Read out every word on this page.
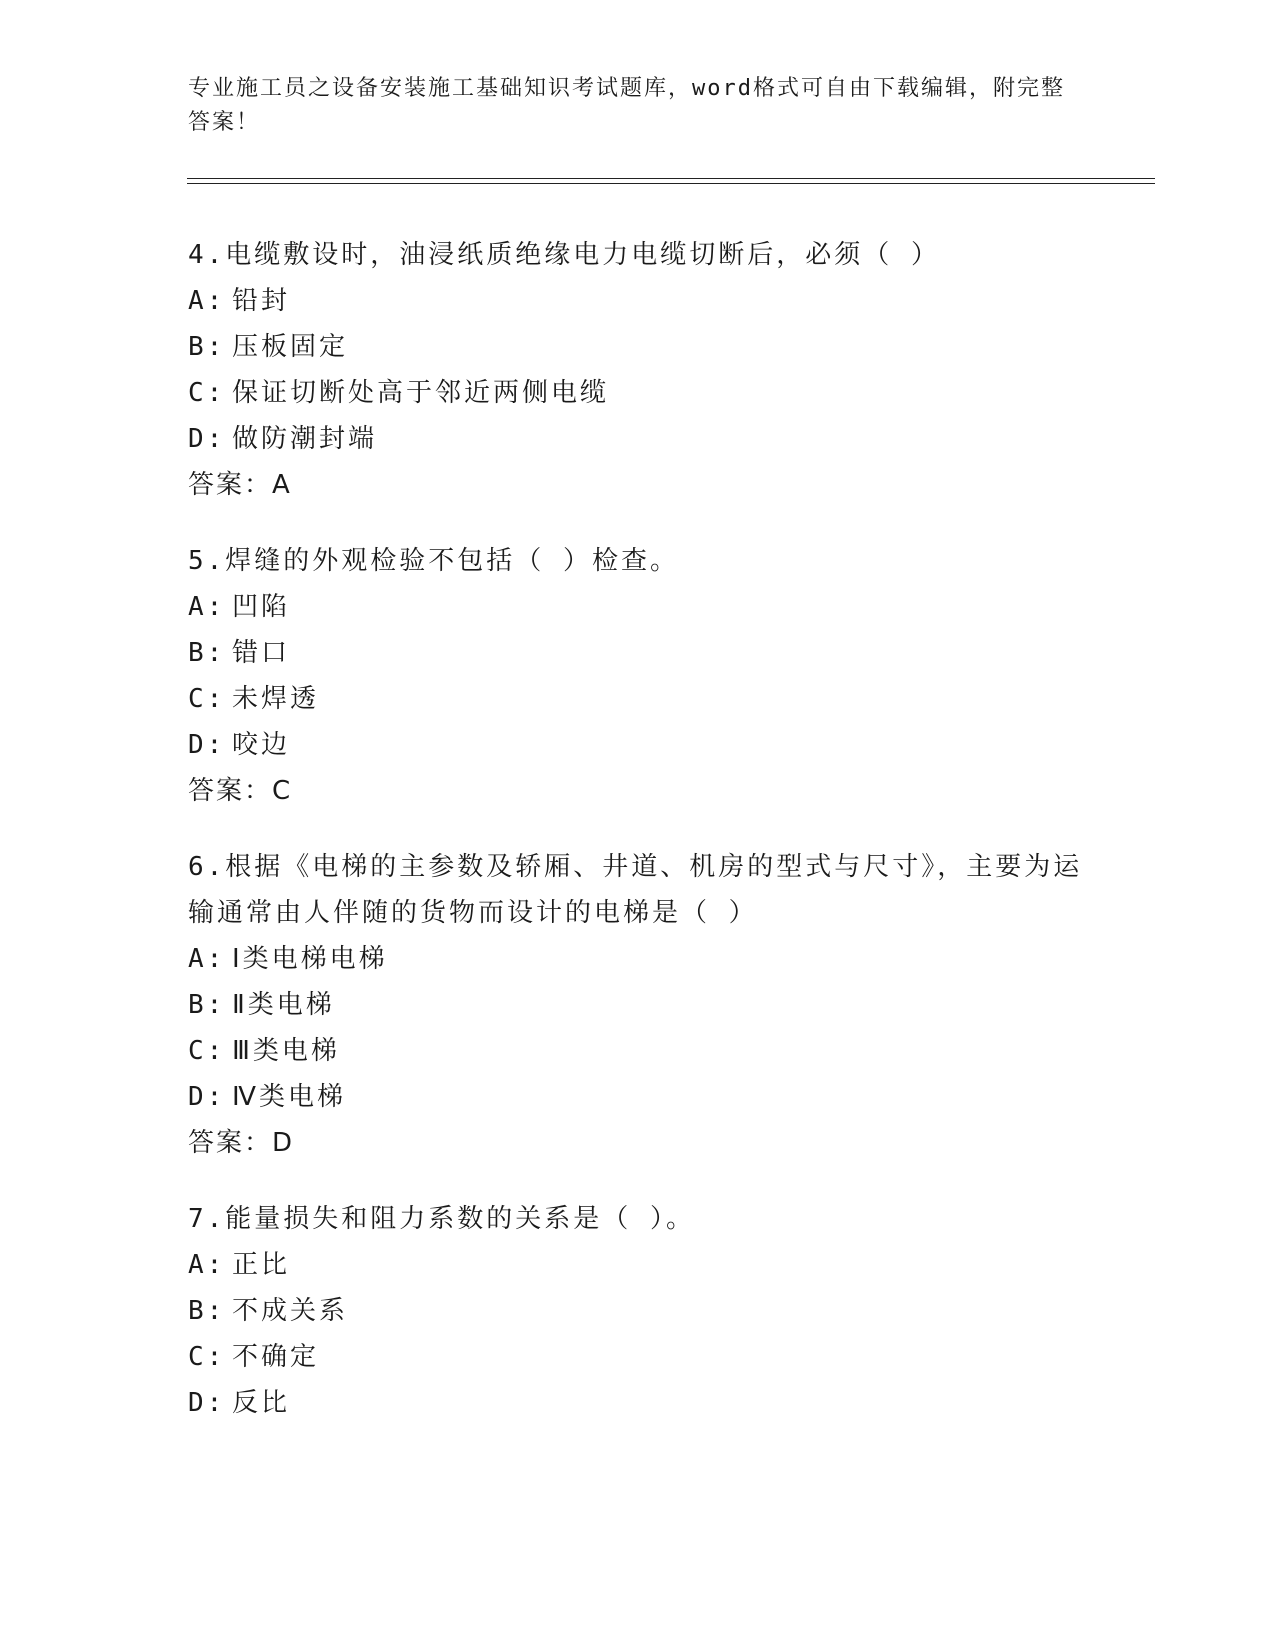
专业施工员之设备安装施工基础知识考试题库，word格式可自由下载编辑，附完整答案！
4.电缆敷设时，油浸纸质绝缘电力电缆切断后，必须（ ）
A: 铅封
B: 压板固定
C: 保证切断处高于邻近两侧电缆
D: 做防潮封端
答案：A
5.焊缝的外观检验不包括（ ）检查。
A: 凹陷
B: 错口
C: 未焊透
D: 咬边
答案：C
6.根据《电梯的主参数及轿厢、井道、机房的型式与尺寸》，主要为运输通常由人伴随的货物而设计的电梯是（ ）
A: Ⅰ类电梯电梯
B: Ⅱ类电梯
C: Ⅲ类电梯
D: Ⅳ类电梯
答案：D
7.能量损失和阻力系数的关系是（ ）。
A: 正比
B: 不成关系
C: 不确定
D: 反比
